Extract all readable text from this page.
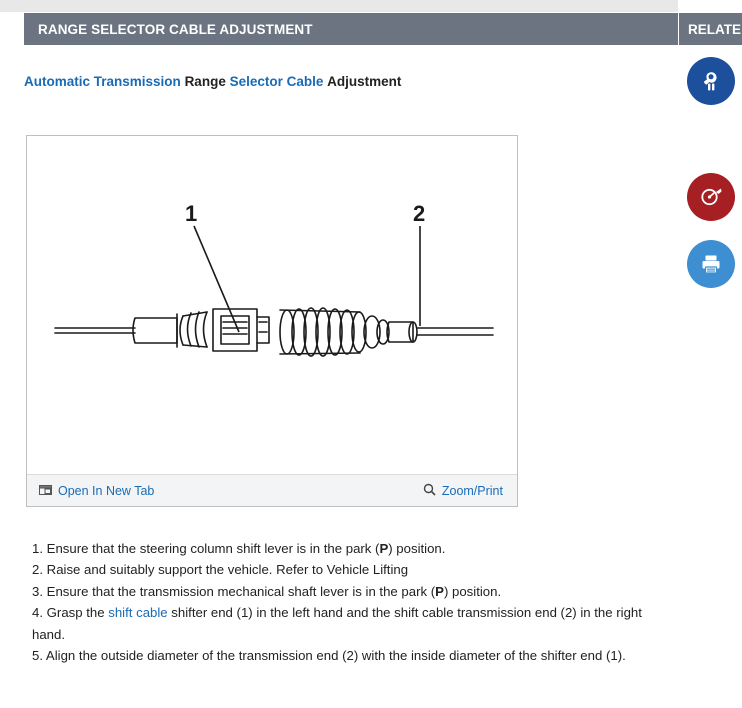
RANGE SELECTOR CABLE ADJUSTMENT
Automatic Transmission Range Selector Cable Adjustment
1	2
Open In New Tab	Zoom/Print
1. Ensure that the steering column shift lever is in the park (P) position.
2. Raise and suitably support the vehicle. Refer to Vehicle Lifting
3. Ensure that the transmission mechanical shaft lever is in the park (P) position.
4. Grasp the shift cable shifter end (1) in the left hand and the shift cable transmission end (2) in the right hand.
5. Align the outside diameter of the transmission end (2) with the inside diameter of the shifter end (1).
RELATE
